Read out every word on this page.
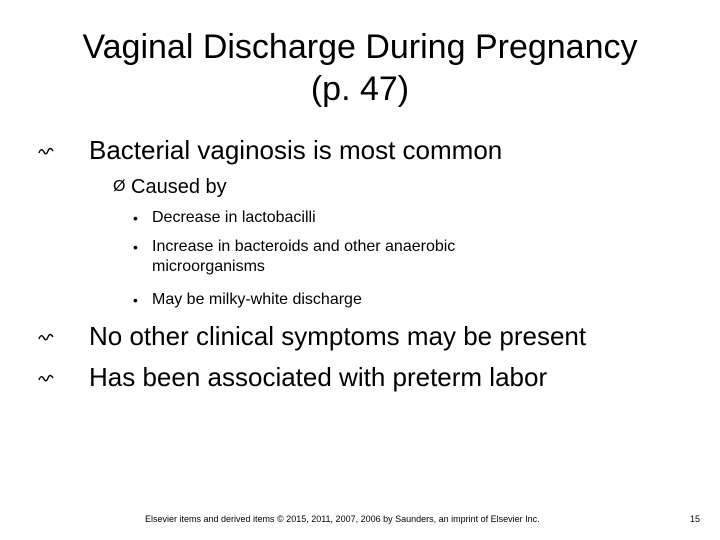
Vaginal Discharge During Pregnancy
(p. 47)
Bacterial vaginosis is most common
Ø Caused by
• Decrease in lactobacilli
• Increase in bacteroids and other anaerobic microorganisms
• May be milky-white discharge
No other clinical symptoms may be present
Has been associated with preterm labor
Elsevier items and derived items © 2015, 2011, 2007, 2006 by Saunders, an imprint of Elsevier Inc.	15
